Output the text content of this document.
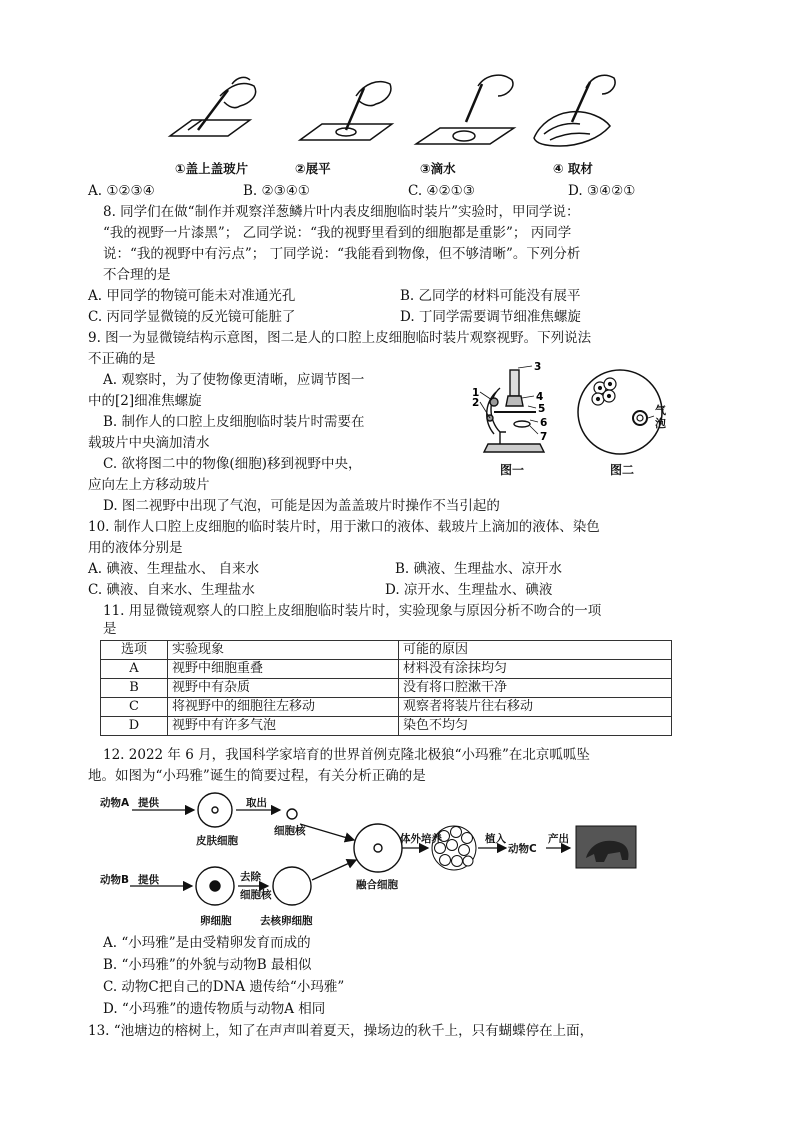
①盖上盖玻片	②展平	③滴水	④ 取材
A. ①②③④	B. ②③④①	C. ④②①③	D. ③④②①
8. 同学们在做“制作并观察洋葱鳞片叶内表皮细胞临时装片”实验时，甲同学说：
“我的视野一片漆黑”； 乙同学说：“我的视野里看到的细胞都是重影”； 丙同学
说：“我的视野中有污点”； 丁同学说：“我能看到物像，但不够清晰”。下列分析
不合理的是
A. 甲同学的物镜可能未对准通光孔	B. 乙同学的材料可能没有展平
C. 丙同学显微镜的反光镜可能脏了	D. 丁同学需要调节细准焦螺旋
9. 图一为显微镜结构示意图，图二是人的口腔上皮细胞临时装片观察视野。下列说法
不正确的是
A. 观察时，为了使物像更清晰，应调节图一
中的[2]细准焦螺旋
B. 制作人的口腔上皮细胞临时装片时需要在
载玻片中央滴加清水
C. 欲将图二中的物像(细胞)移到视野中央，
应向左上方移动玻片
D. 图二视野中出现了气泡，可能是因为盖盖玻片时操作不当引起的
1
2
3
4
5
6
7
图一
气
泡
图二
10. 制作人口腔上皮细胞的临时装片时，用于漱口的液体、载玻片上滴加的液体、染色
用的液体分别是
A. 碘液、生理盐水、 自来水	B. 碘液、生理盐水、凉开水
C. 碘液、自来水、生理盐水	D. 凉开水、生理盐水、碘液
11. 用显微镜观察人的口腔上皮细胞临时装片时，实验现象与原因分析不吻合的一项
是
选项	实验现象	可能的原因
A	视野中细胞重叠	材料没有涂抹均匀
B	视野中有杂质	没有将口腔漱干净
C	将视野中的细胞往左移动	观察者将装片往右移动
D	视野中有许多气泡	染色不均匀
12. 2022 年 6 月，我国科学家培育的世界首例克隆北极狼“小玛雅”在北京呱呱坠
地。如图为“小玛雅”诞生的简要过程，有关分析正确的是
动物A 提供	取出
皮肤细胞
细胞核
动物B 提供	去除
细胞核
卵细胞	去核卵细胞
融合细胞
体外培养	植入
动物C
产出
A. “小玛雅”是由受精卵发育而成的
B. “小玛雅”的外貌与动物B 最相似
C. 动物C把自己的DNA 遗传给“小玛雅”
D. “小玛雅”的遗传物质与动物A 相同
13. “池塘边的榕树上，知了在声声叫着夏天，操场边的秋千上，只有蝴蝶停在上面，
